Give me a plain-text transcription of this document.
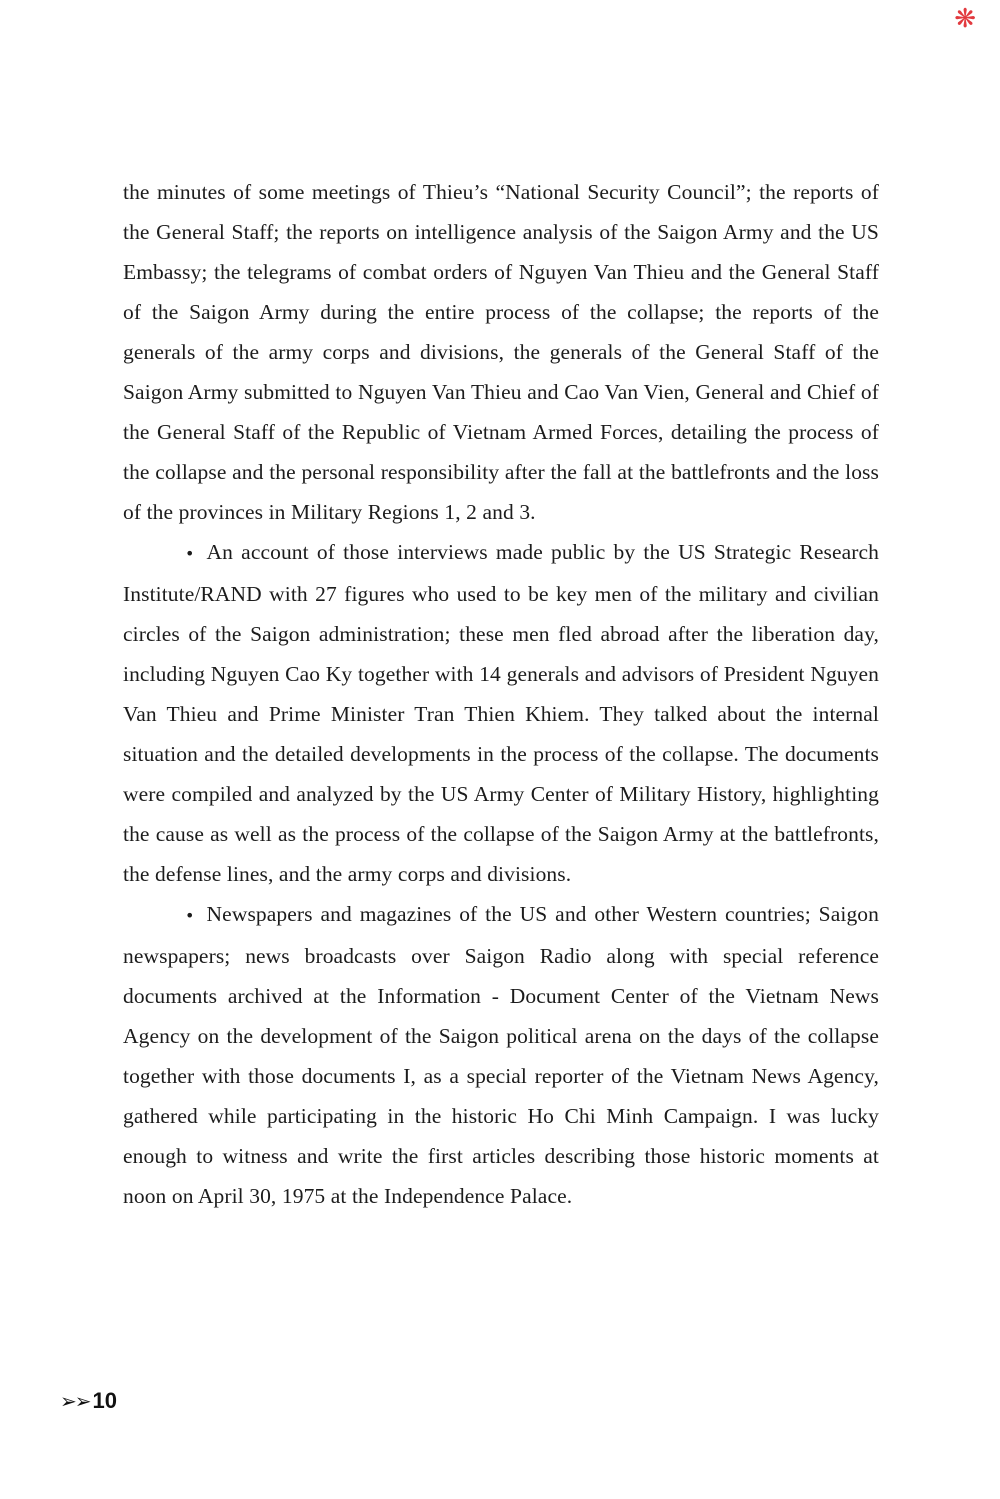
❋

the minutes of some meetings of Thieu’s “National Security Council”; the reports of the General Staff; the reports on intelligence analysis of the Saigon Army and the US Embassy; the telegrams of combat orders of Nguyen Van Thieu and the General Staff of the Saigon Army during the entire process of the collapse; the reports of the generals of the army corps and divisions, the generals of the General Staff of the Saigon Army submitted to Nguyen Van Thieu and Cao Van Vien, General and Chief of the General Staff of the Republic of Vietnam Armed Forces, detailing the process of the collapse and the personal responsibility after the fall at the battlefronts and the loss of the provinces in Military Regions 1, 2 and 3.

• An account of those interviews made public by the US Strategic Research Institute/RAND with 27 figures who used to be key men of the military and civilian circles of the Saigon administration; these men fled abroad after the liberation day, including Nguyen Cao Ky together with 14 generals and advisors of President Nguyen Van Thieu and Prime Minister Tran Thien Khiem. They talked about the internal situation and the detailed developments in the process of the collapse. The documents were compiled and analyzed by the US Army Center of Military History, highlighting the cause as well as the process of the collapse of the Saigon Army at the battlefronts, the defense lines, and the army corps and divisions.

• Newspapers and magazines of the US and other Western countries; Saigon newspapers; news broadcasts over Saigon Radio along with special reference documents archived at the Information - Document Center of the Vietnam News Agency on the development of the Saigon political arena on the days of the collapse together with those documents I, as a special reporter of the Vietnam News Agency, gathered while participating in the historic Ho Chi Minh Campaign. I was lucky enough to witness and write the first articles describing those historic moments at noon on April 30, 1975 at the Independence Palace.

➢➢ 10
